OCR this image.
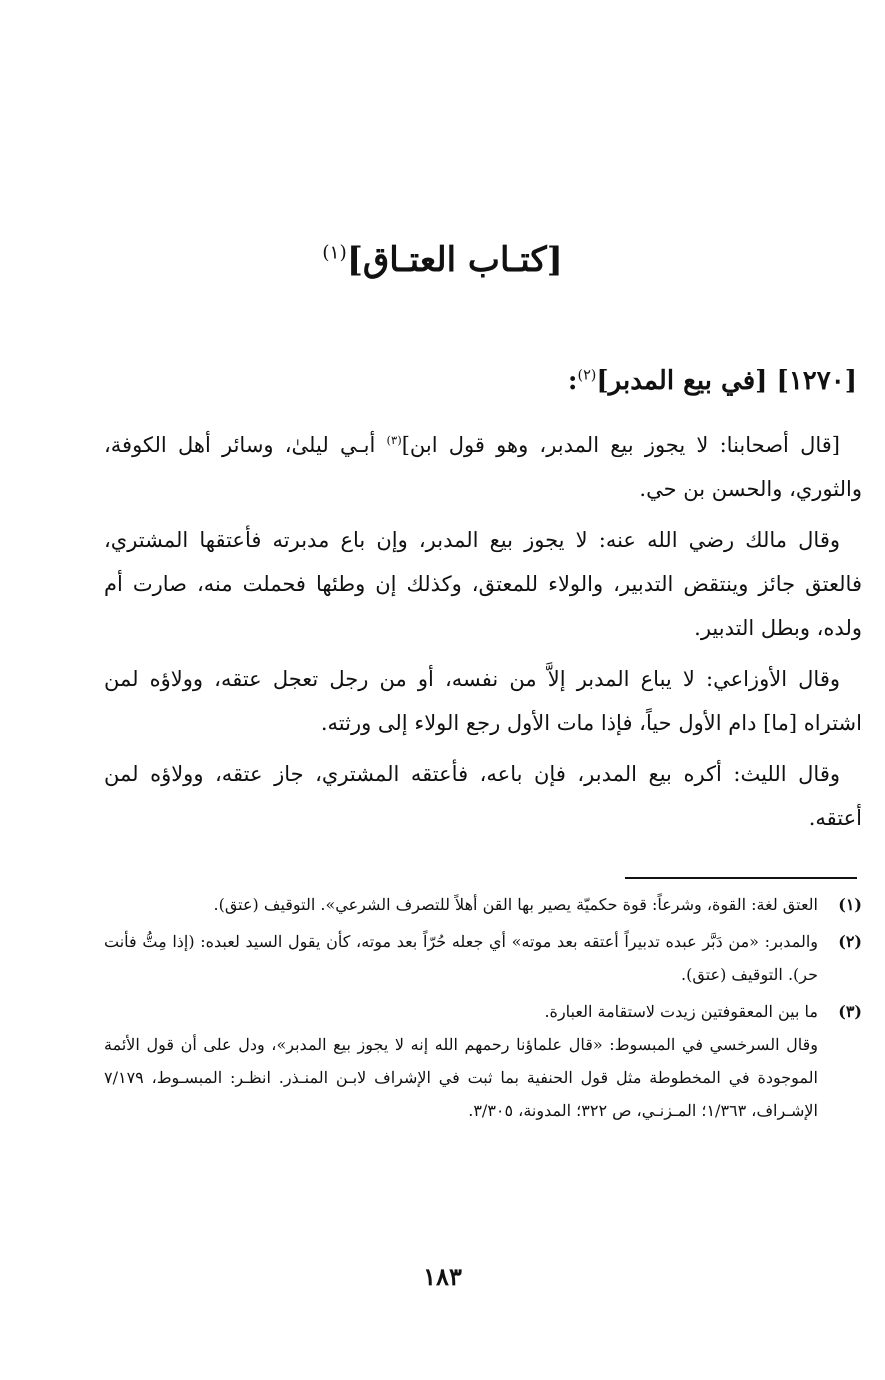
[كتـاب العتـاق]$^{(١)}$
[١٢٧٠] [في بيع المدبر]$^{(٢)}$:

[قال أصحابنا: لا يجوز بيع المدبر، وهو قول ابن]$^{(٣)}$ أبـي ليلىٰ، وسائر أهل الكوفة، والثوري، والحسن بن حي.

وقال مالك رضي الله عنه: لا يجوز بيع المدبر، وإن باع مدبرته فأعتقها المشتري، فالعتق جائز وينتقض التدبير، والولاء للمعتق، وكذلك إن وطئها فحملت منه، صارت أم ولده، وبطل التدبير.

وقال الأوزاعي: لا يباع المدبر إلاَّ من نفسه، أو من رجل تعجل عتقه، وولاؤه لمن اشتراه [ما] دام الأول حياً، فإذا مات الأول رجع الولاء إلى ورثته.

وقال الليث: أكره بيع المدبر، فإن باعه، فأعتقه المشتري، جاز عتقه، وولاؤه لمن أعتقه.

(١)
العتق لغة: القوة، وشرعاً: قوة حكميّة يصير بها القن أهلاً للتصرف الشرعي». التوقيف (عتق).
(٢)
والمدبر: «من دَبَّر عبده تدبيراً أعتقه بعد موته» أي جعله حُرّاً بعد موته، كأن يقول السيد لعبده: (إذا مِتُّ فأنت حر). التوقيف (عتق).
(٣)
ما بين المعقوفتين زيدت لاستقامة العبارة.
وقال السرخسي في المبسوط: «قال علماؤنا رحمهم الله إنه لا يجوز بيع المدبر»، ودل على أن قول الأئمة الموجودة في المخطوطة مثل قول الحنفية بما ثبت في الإشراف لابـن المنـذر. انظـر: المبسـوط، ٧/١٧٩ الإشـراف، ١/٣٦٣؛ المـزنـي، ص ٣٢٢؛ المدونة، ٣/٣٠٥.
١٨٣
